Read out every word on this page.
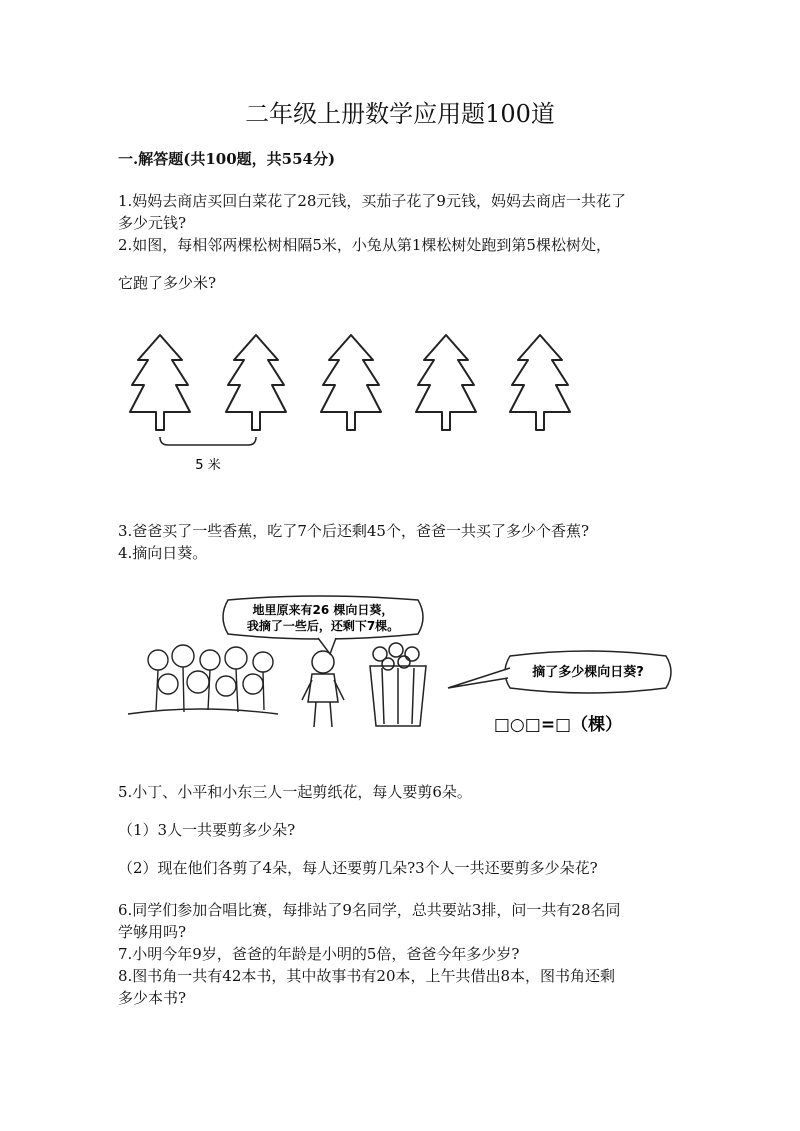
二年级上册数学应用题100道
一.解答题(共100题，共554分)
1.妈妈去商店买回白菜花了28元钱，买茄子花了9元钱，妈妈去商店一共花了
多少元钱?
2.如图，每相邻两棵松树相隔5米，小兔从第1棵松树处跑到第5棵松树处，
它跑了多少米?
5 米
3.爸爸买了一些香蕉，吃了7个后还剩45个，爸爸一共买了多少个香蕉?
4.摘向日葵。
地里原来有26 棵向日葵，
我摘了一些后，还剩下7棵。
摘了多少棵向日葵?
□○□=□（棵）
5.小丁、小平和小东三人一起剪纸花，每人要剪6朵。
（1）3人一共要剪多少朵?
（2）现在他们各剪了4朵，每人还要剪几朵?3个人一共还要剪多少朵花?
6.同学们参加合唱比赛，每排站了9名同学，总共要站3排，问一共有28名同
学够用吗?
7.小明今年9岁，爸爸的年龄是小明的5倍，爸爸今年多少岁?
8.图书角一共有42本书，其中故事书有20本，上午共借出8本，图书角还剩
多少本书?
